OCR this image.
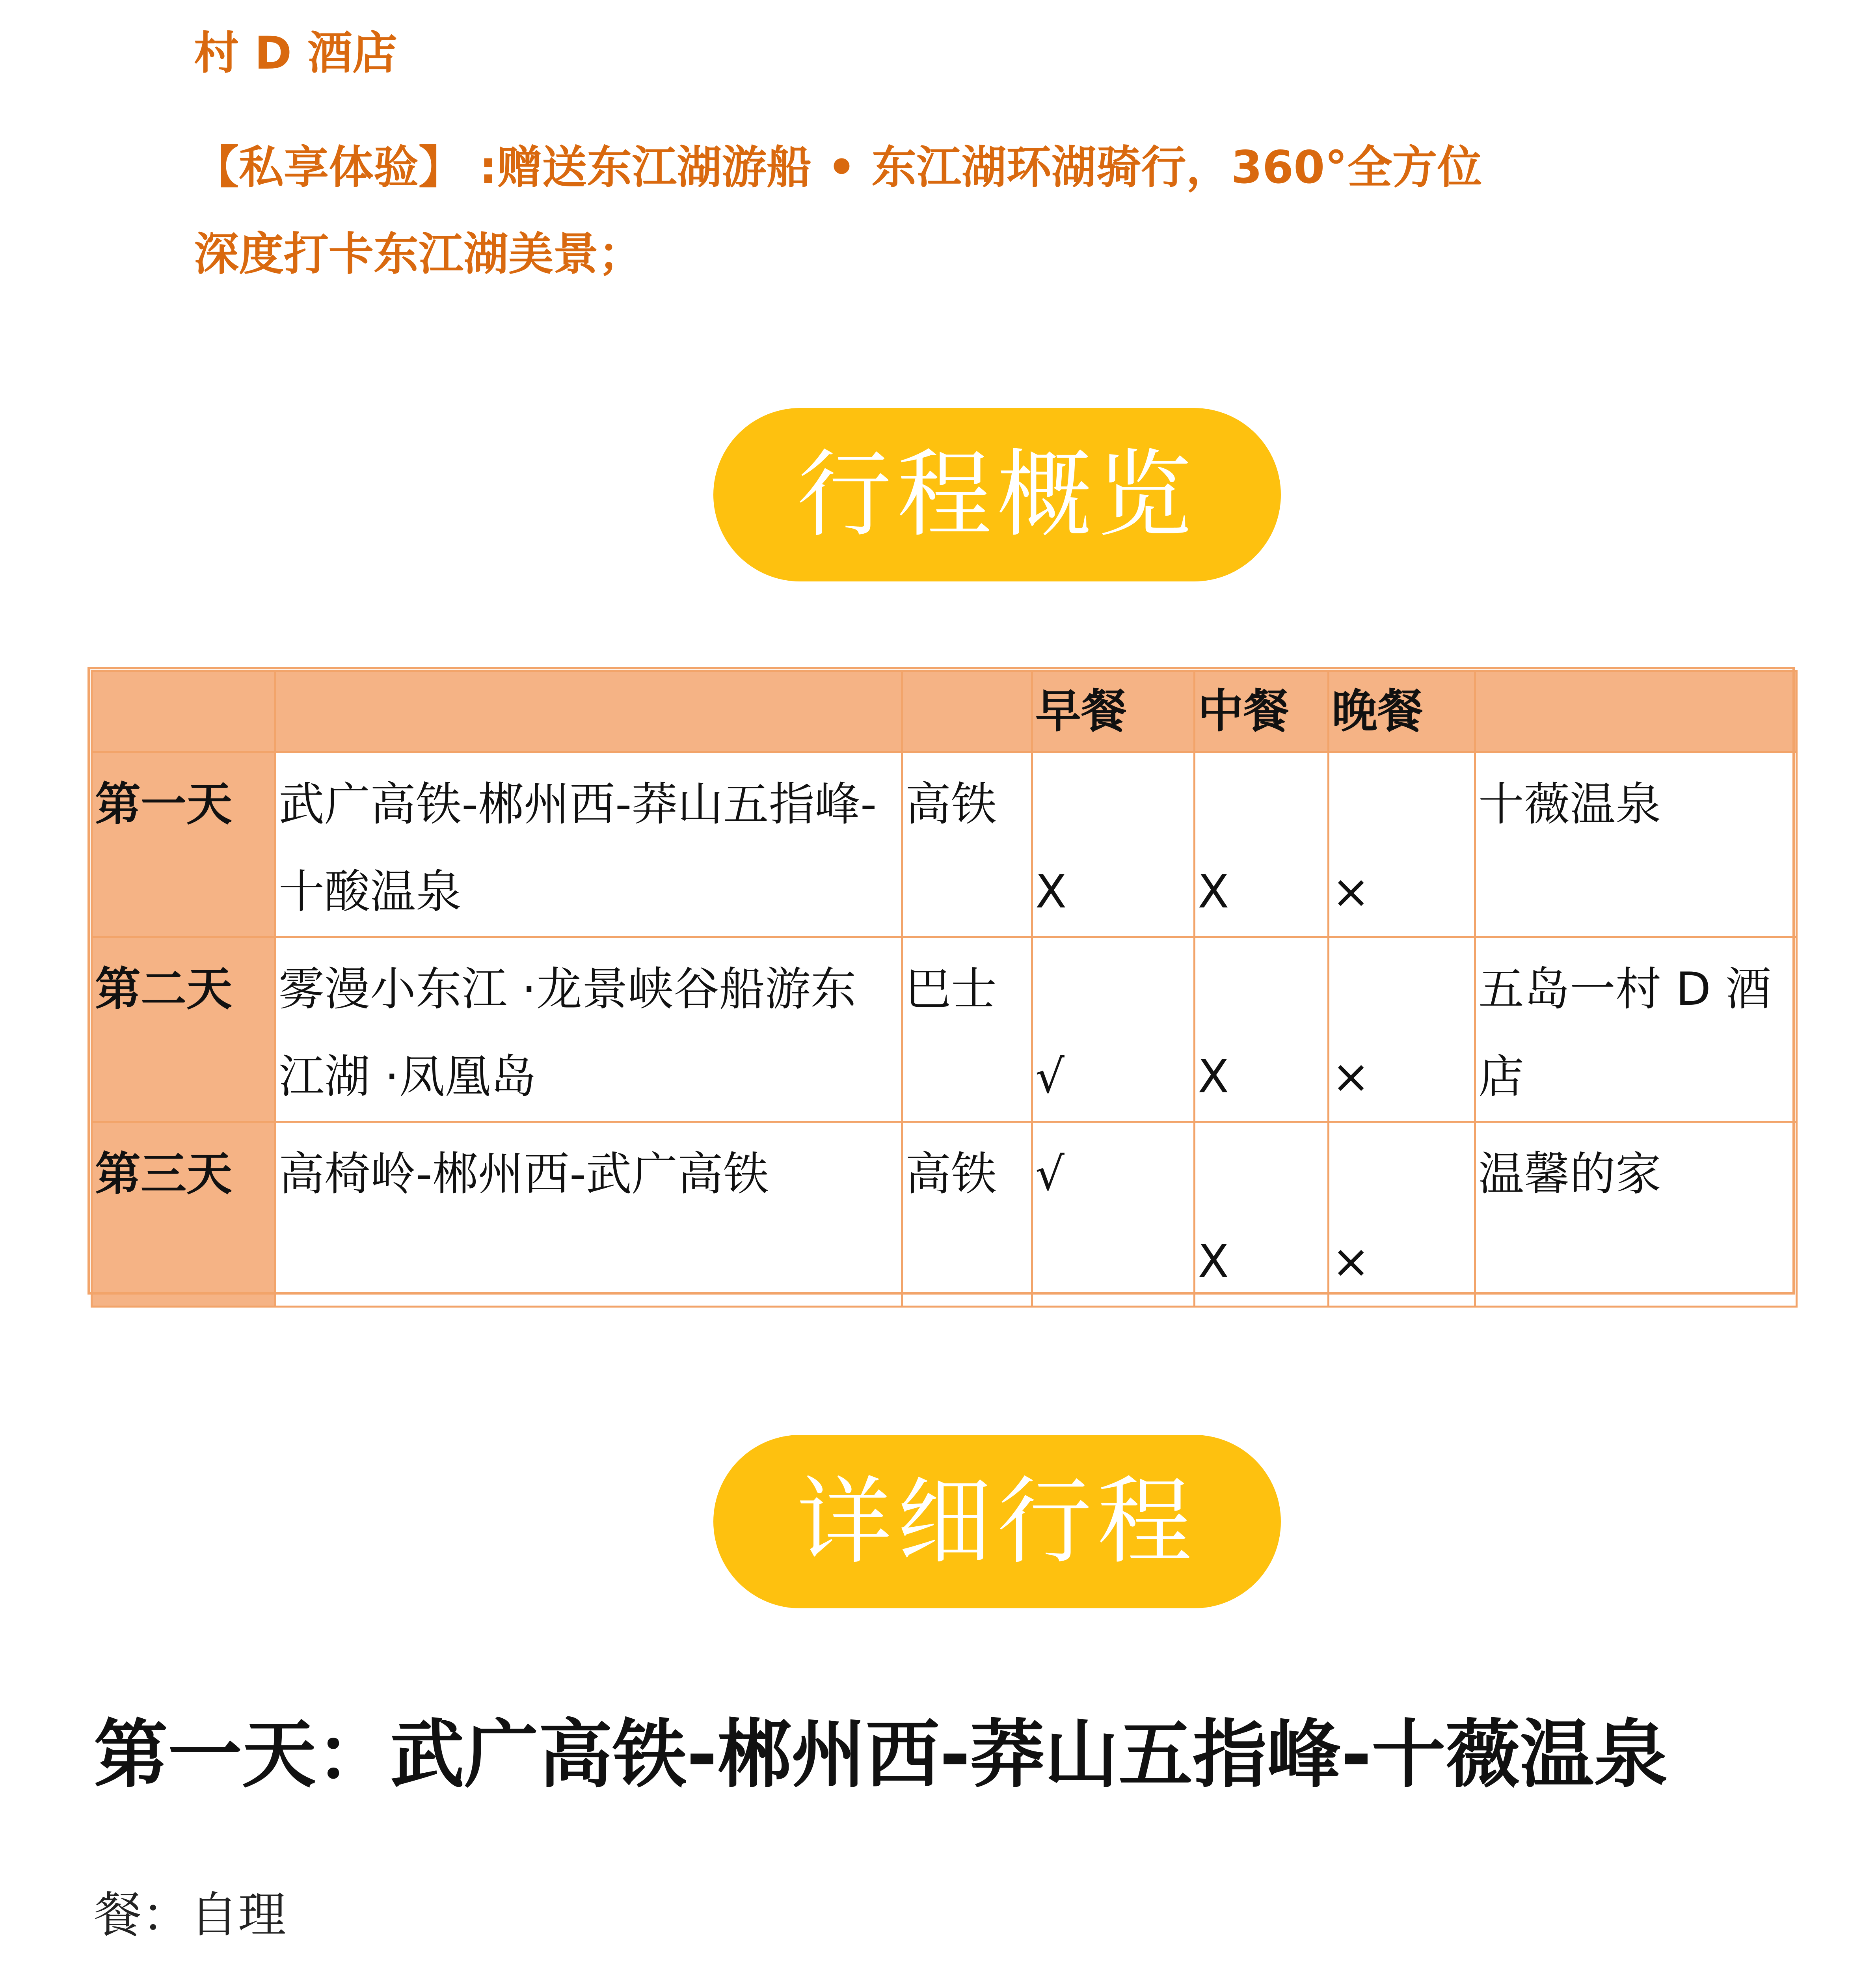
村 D 酒店
【私享体验】 :赠送东江湖游船 • 东江湖环湖骑行，360°全方位
深度打卡东江湖美景；
行程概览
			早餐	中餐	晚餐	
第一天	武广高铁-郴州西-莽山五指峰-十酸温泉	高铁	X	X	×	十薇温泉
第二天	雾漫小东江 ·龙景峡谷船游东江湖 ·凤凰岛	巴士	√	X	×	五岛一村 D 酒店
第三天	高椅岭-郴州西-武广高铁	高铁	√	X	×	温馨的家
详细行程
第一天：武广高铁-郴州西-莽山五指峰-十薇温泉
餐：自理
